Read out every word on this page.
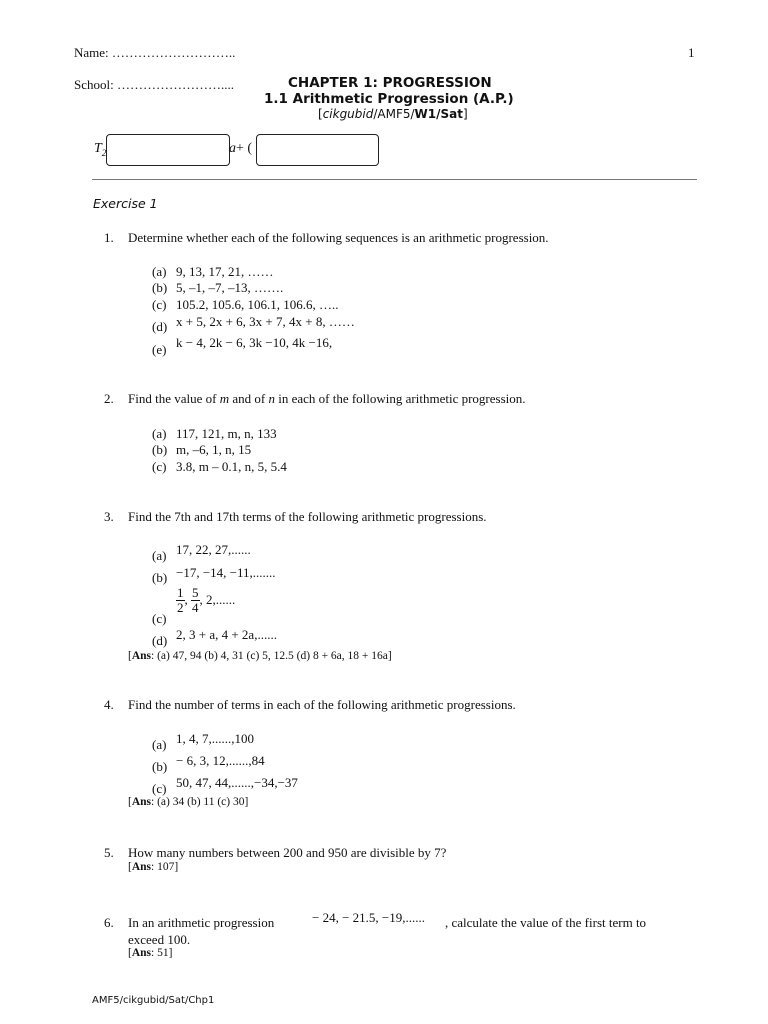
Name: ………………………..	1
School: ……………………....	CHAPTER 1: PROGRESSION
1.1 Arithmetic Progression (A.P.)
[cikgubid/AMF5/W1/Sat]
$T_2$	a+ (
Exercise 1
1. Determine whether each of the following sequences is an arithmetic progression.
(a) 9, 13, 17, 21, ……
(b) 5, –1, –7, –13, …….
(c) 105.2, 105.6, 106.1, 106.6, …..
(d) x + 5, 2x + 6, 3x + 7, 4x + 8, ……
(e) k − 4, 2k − 6, 3k −10, 4k −16,
2. Find the value of m and of n in each of the following arithmetic progression.
(a) 117, 121, m, n, 133
(b) m, –6, 1, n, 15
(c) 3.8, m – 0.1, n, 5, 5.4
3. Find the 7th and 17th terms of the following arithmetic progressions.
(a) 17, 22, 27,......
(b) −17, −14, −11,.......
(c)
$\frac{1}{2}$ , $\frac{5}{4}$ , 2,......
(d) 2, 3 + a, 4 + 2a,......
[Ans: (a) 47, 94 (b) 4, 31 (c) 5, 12.5 (d) 8 + 6a, 18 + 16a]
4. Find the number of terms in each of the following arithmetic progressions.
(a) 1, 4, 7,......,100
(b) − 6, 3, 12,......,84
(c) 50, 47, 44,......,−34,−37
[Ans: (a) 34 (b) 11 (c) 30]
5. How many numbers between 200 and 950 are divisible by 7?
[Ans: 107]
6. In an arithmetic progression	− 24, − 21.5, −19,...... , calculate the value of the first term to
exceed 100.
[Ans: 51]
AMF5/cikgubid/Sat/Chp1
